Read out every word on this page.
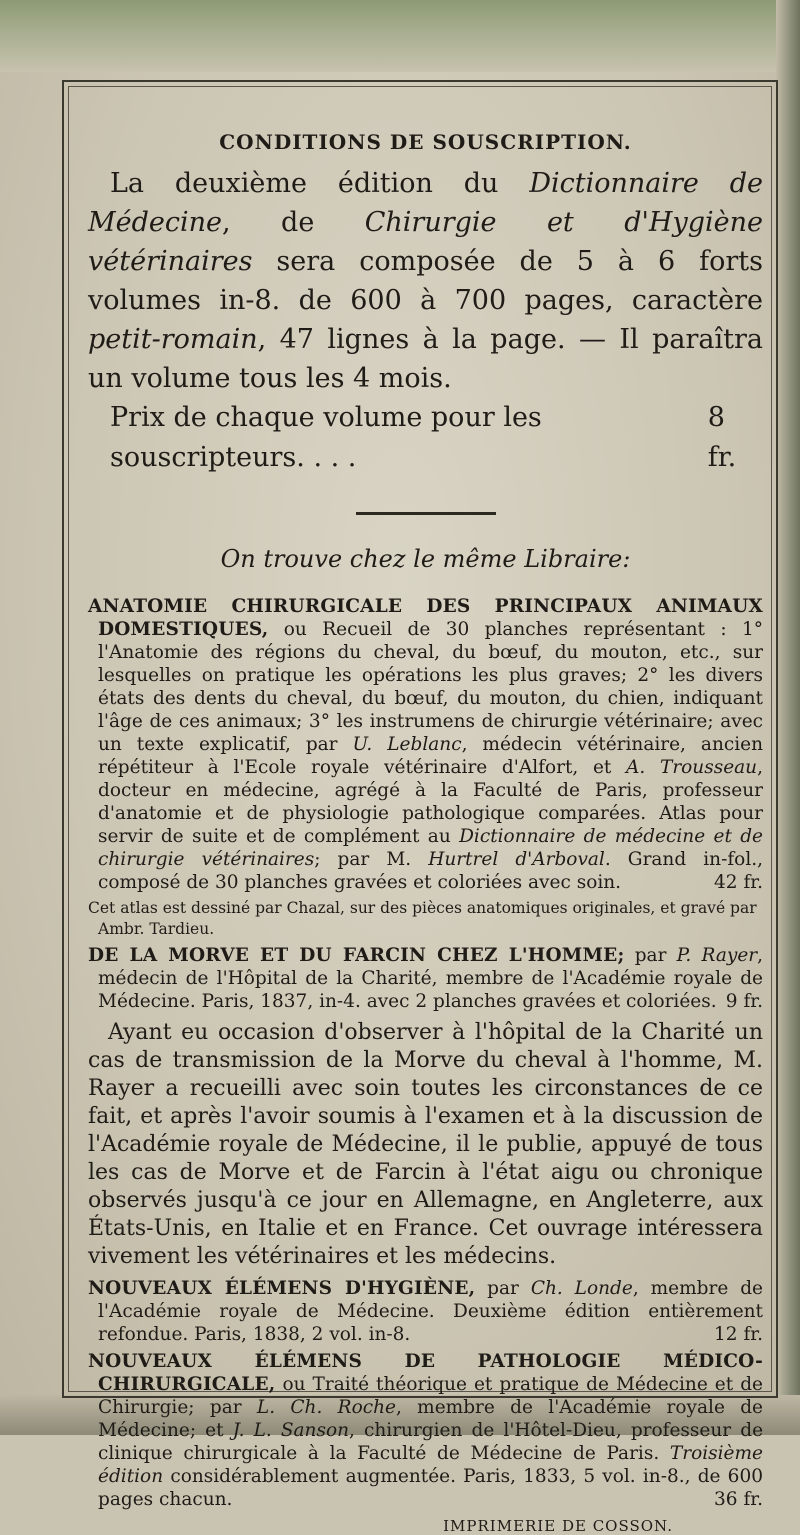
CONDITIONS DE SOUSCRIPTION.

La deuxième édition du Dictionnaire de Médecine, de Chirurgie et d'Hygiène vétérinaires sera composée de 5 à 6 forts volumes in-8. de 600 à 700 pages, caractère petit-romain, 47 lignes à la page. — Il paraîtra un volume tous les 4 mois.

Prix de chaque volume pour les souscripteurs. . . .
8 fr.

On trouve chez le même Libraire:

ANATOMIE CHIRURGICALE DES PRINCIPAUX ANIMAUX DOMESTIQUES, ou Recueil de 30 planches représentant : 1° l'Anatomie des régions du cheval, du bœuf, du mouton, etc., sur lesquelles on pratique les opérations les plus graves; 2° les divers états des dents du cheval, du bœuf, du mouton, du chien, indiquant l'âge de ces animaux; 3° les instrumens de chirurgie vétérinaire; avec un texte explicatif, par U. Leblanc, médecin vétérinaire, ancien répétiteur à l'Ecole royale vétérinaire d'Alfort, et A. Trousseau, docteur en médecine, agrégé à la Faculté de Paris, professeur d'anatomie et de physiologie pathologique comparées. Atlas pour servir de suite et de complément au Dictionnaire de médecine et de chirurgie vétérinaires; par M. Hurtrel d'Arboval. Grand in-fol., composé de 30 planches gravées et coloriées avec soin.	42 fr.

Cet atlas est dessiné par Chazal, sur des pièces anatomiques originales, et gravé par Ambr. Tardieu.

DE LA MORVE ET DU FARCIN CHEZ L'HOMME; par P. Rayer, médecin de l'Hôpital de la Charité, membre de l'Académie royale de Médecine. Paris, 1837, in-4. avec 2 planches gravées et coloriées. 9 fr.

Ayant eu occasion d'observer à l'hôpital de la Charité un cas de transmission de la Morve du cheval à l'homme, M. Rayer a recueilli avec soin toutes les circonstances de ce fait, et après l'avoir soumis à l'examen et à la discussion de l'Académie royale de Médecine, il le publie, appuyé de tous les cas de Morve et de Farcin à l'état aigu ou chronique observés jusqu'à ce jour en Allemagne, en Angleterre, aux États-Unis, en Italie et en France. Cet ouvrage intéressera vivement les vétérinaires et les médecins.

NOUVEAUX ÉLÉMENS D'HYGIÈNE, par Ch. Londe, membre de l'Académie royale de Médecine. Deuxième édition entièrement refondue. Paris, 1838, 2 vol. in-8.	12 fr.

NOUVEAUX ÉLÉMENS DE PATHOLOGIE MÉDICO-CHIRURGICALE, ou Traité théorique et pratique de Médecine et de Chirurgie; par L. Ch. Roche, membre de l'Académie royale de Médecine; et J. L. Sanson, chirurgien de l'Hôtel-Dieu, professeur de clinique chirurgicale à la Faculté de Médecine de Paris. Troisième édition considérablement augmentée. Paris, 1833, 5 vol. in-8., de 600 pages chacun.	36 fr.

IMPRIMERIE DE COSSON.
